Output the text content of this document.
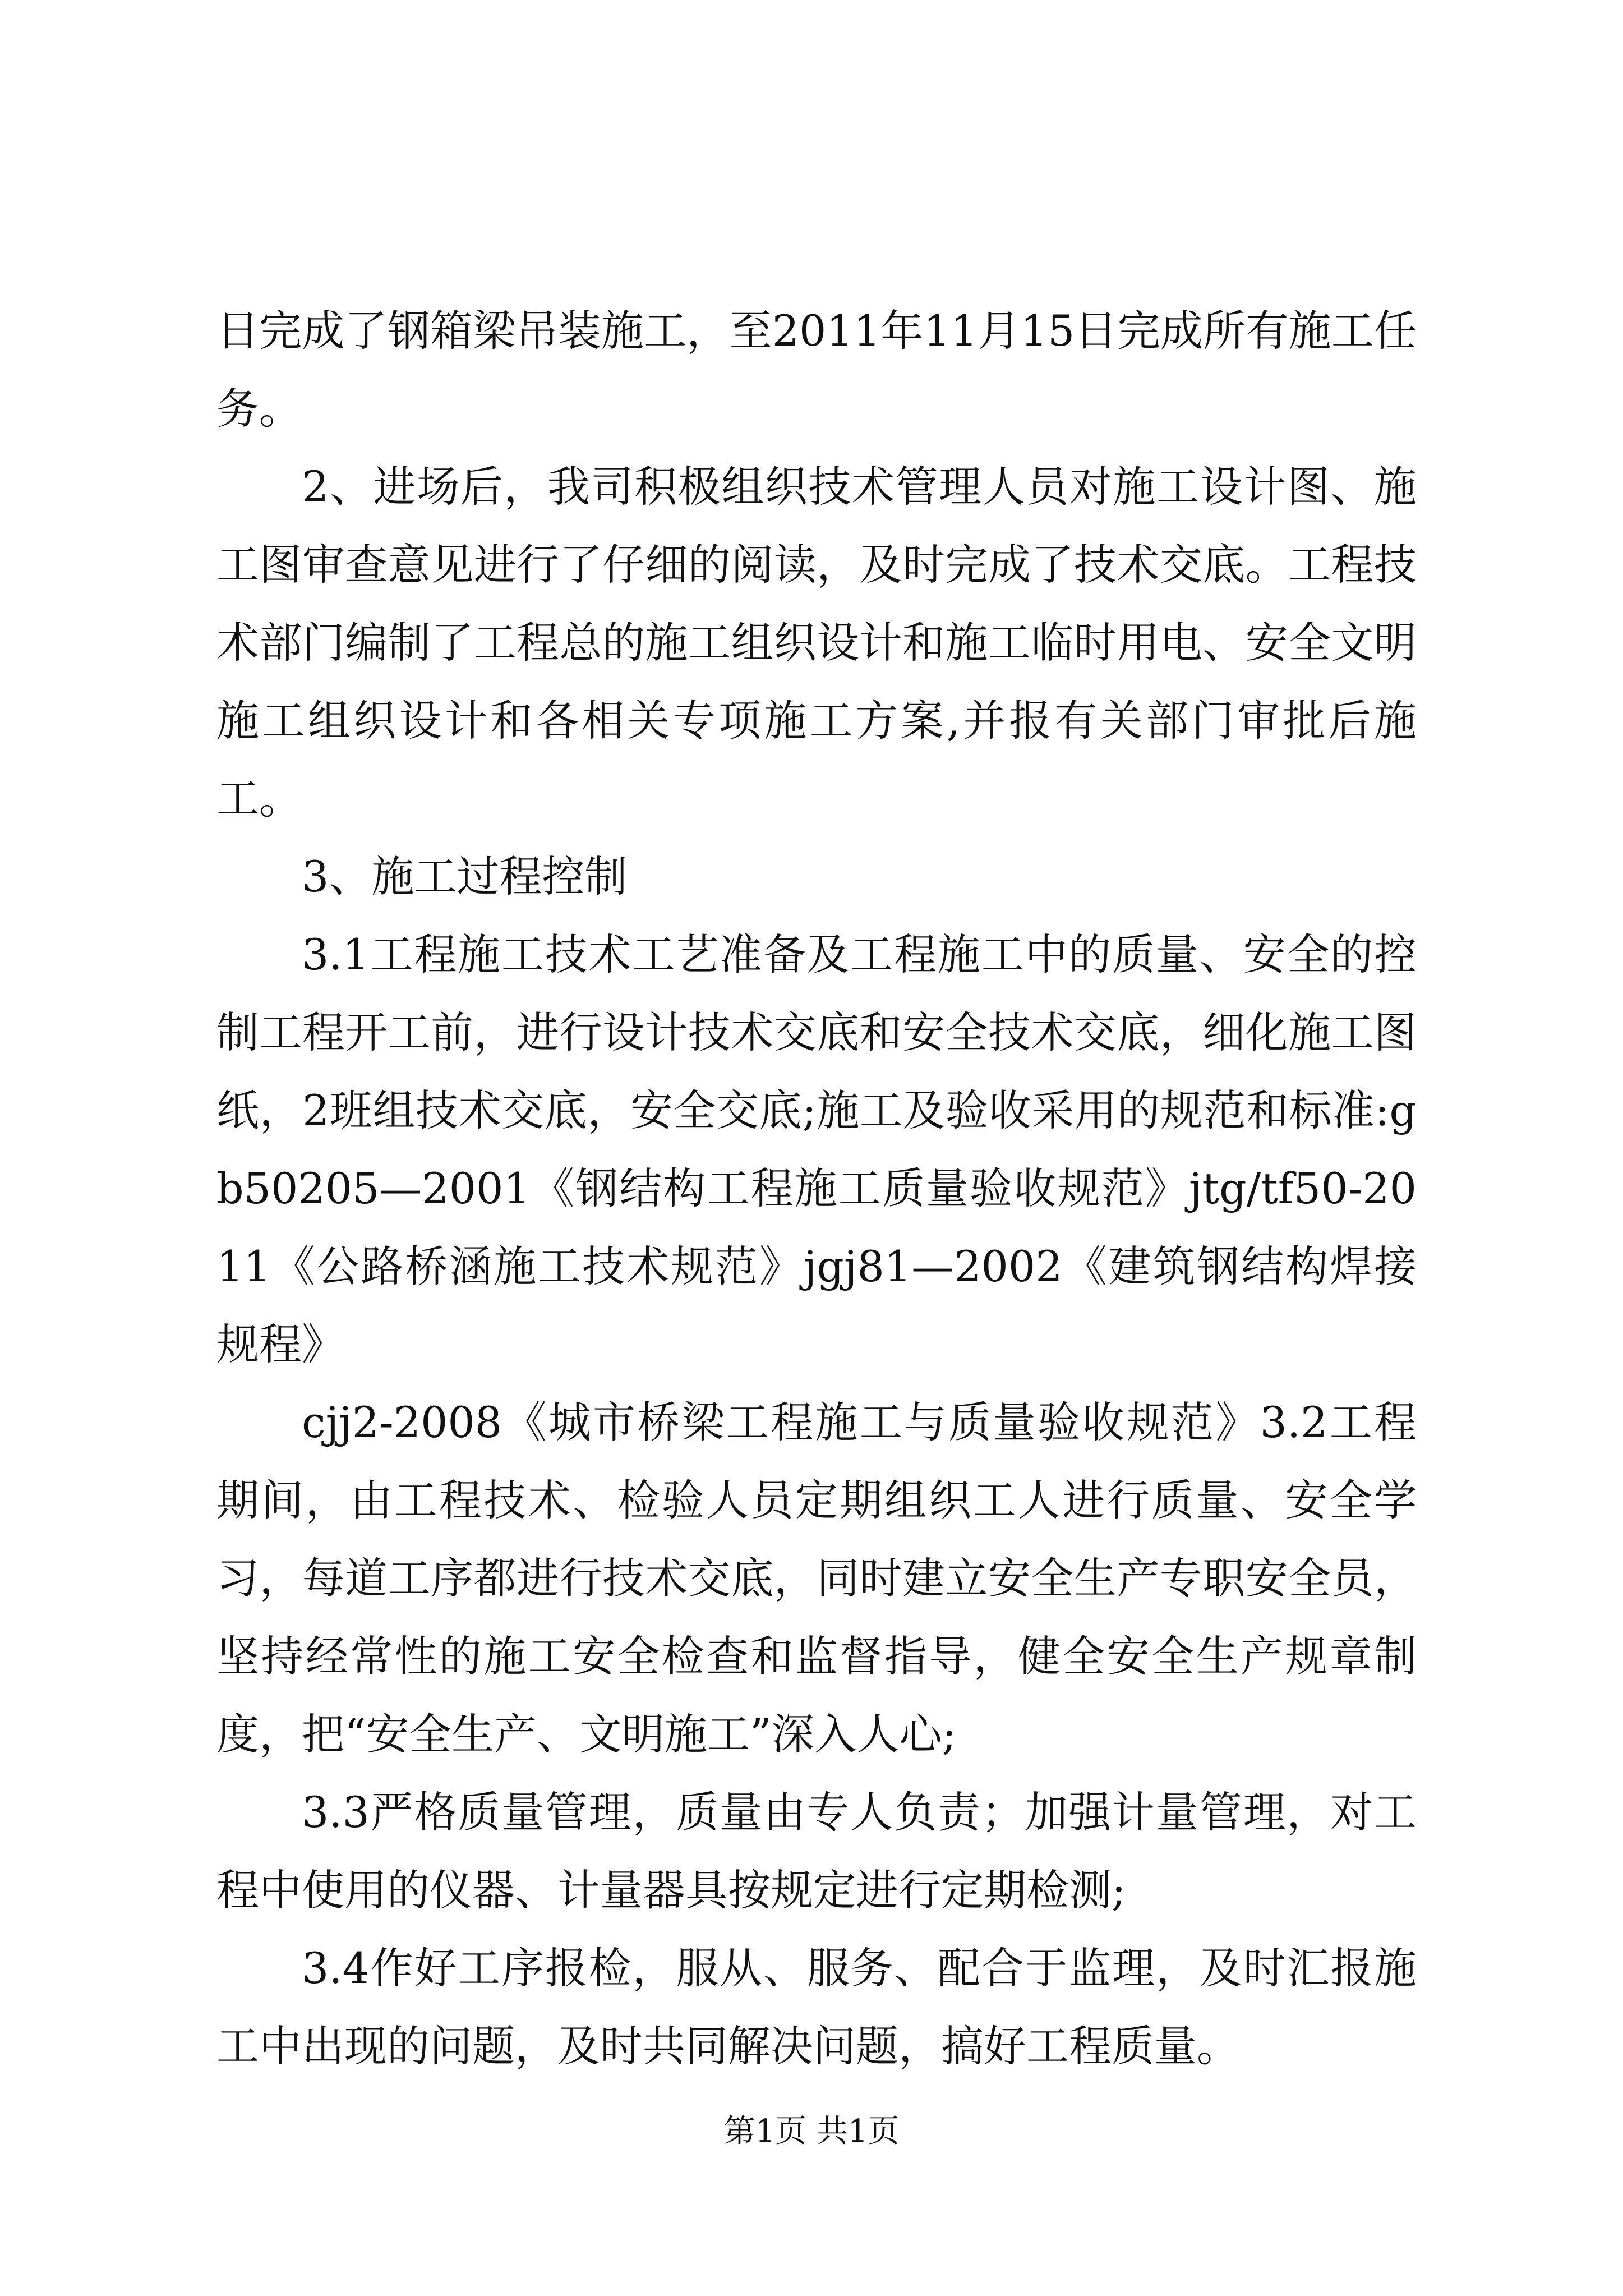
日完成了钢箱梁吊装施工，至2011年11月15日完成所有施工任务。

2、进场后，我司积极组织技术管理人员对施工设计图、施工图审查意见进行了仔细的阅读，及时完成了技术交底。工程技术部门编制了工程总的施工组织设计和施工临时用电、安全文明施工组织设计和各相关专项施工方案,并报有关部门审批后施工。

3、施工过程控制

3.1工程施工技术工艺准备及工程施工中的质量、安全的控制工程开工前，进行设计技术交底和安全技术交底，细化施工图纸，2班组技术交底，安全交底;施工及验收采用的规范和标准:gb50205—2001《钢结构工程施工质量验收规范》jtg/tf50-2011《公路桥涵施工技术规范》jgj81—2002《建筑钢结构焊接规程》

cjj2-2008《城市桥梁工程施工与质量验收规范》3.2工程期间，由工程技术、检验人员定期组织工人进行质量、安全学习，每道工序都进行技术交底，同时建立安全生产专职安全员，坚持经常性的施工安全检查和监督指导，健全安全生产规章制度，把“安全生产、文明施工”深入人心;

3.3严格质量管理，质量由专人负责；加强计量管理，对工程中使用的仪器、计量器具按规定进行定期检测;

3.4作好工序报检，服从、服务、配合于监理，及时汇报施工中出现的问题，及时共同解决问题，搞好工程质量。

第1页 共1页
